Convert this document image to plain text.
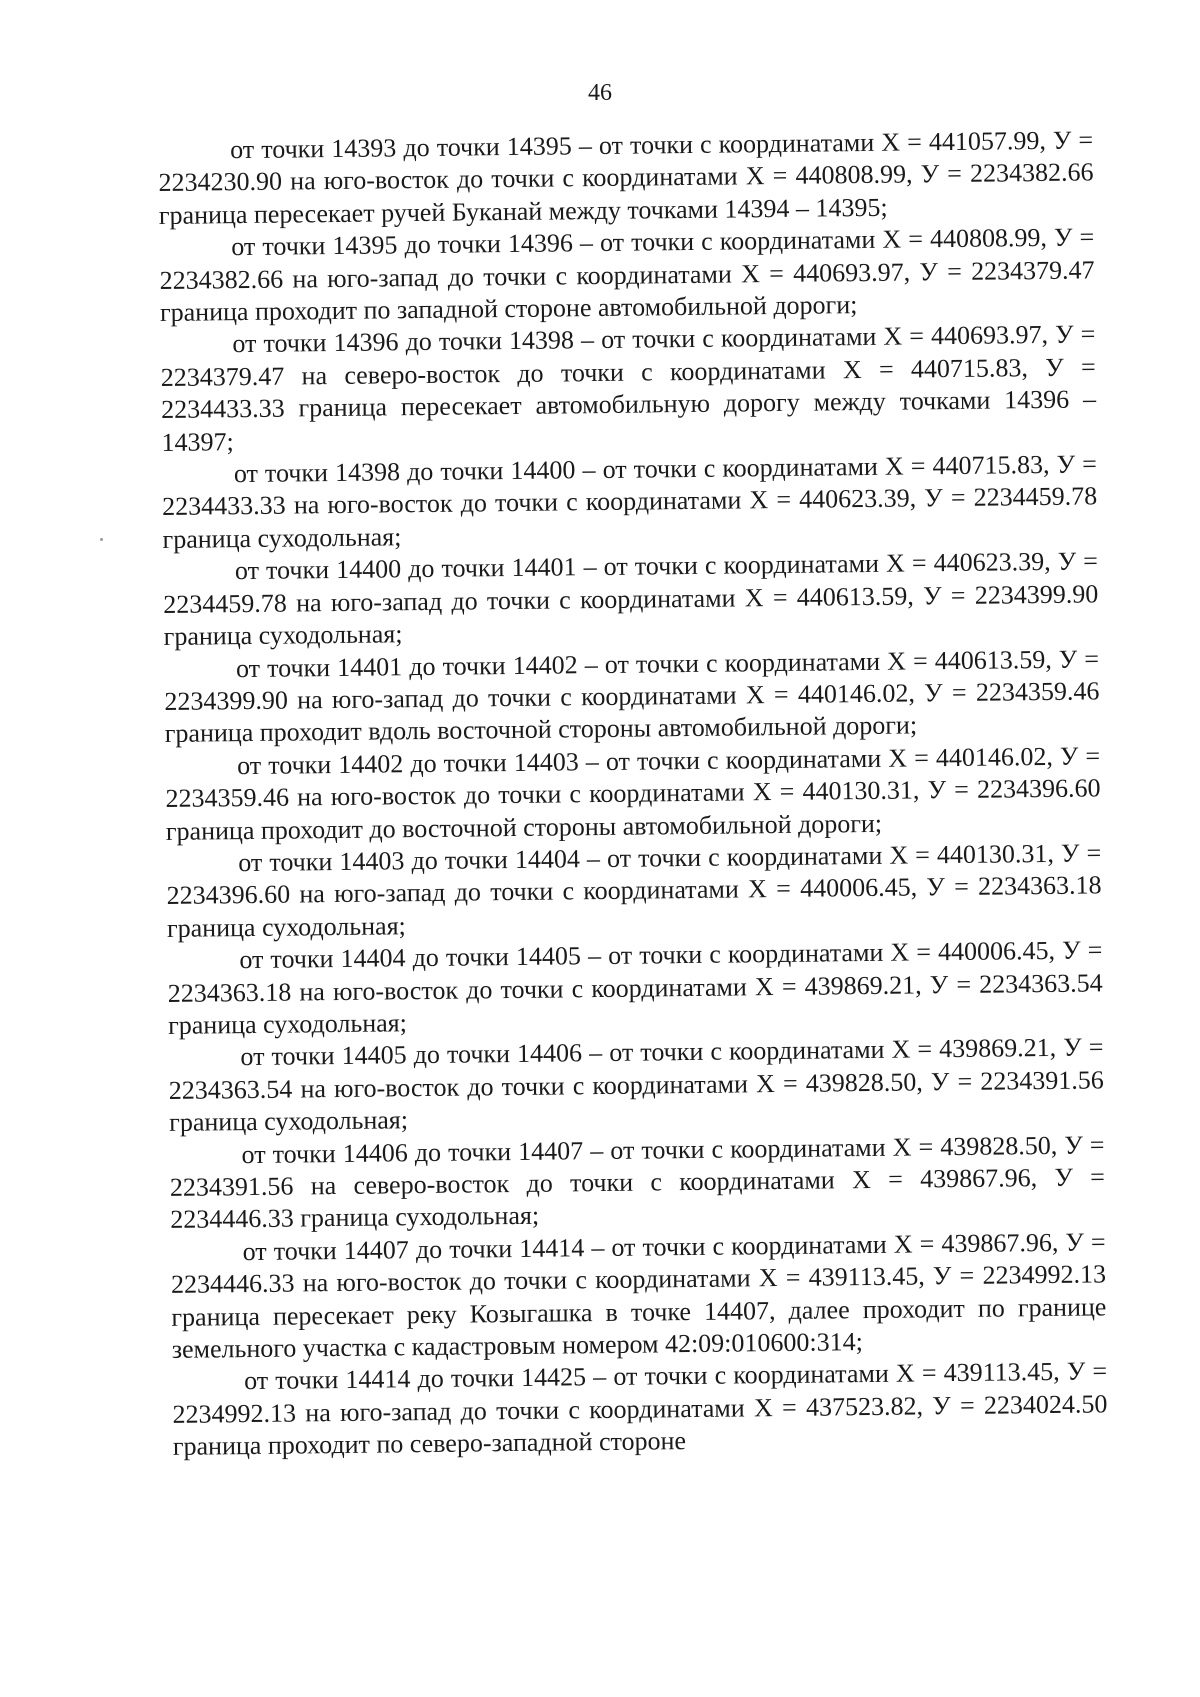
46

от точки 14393 до точки 14395 – от точки с координатами Х = 441057.99, У = 2234230.90 на юго-восток до точки с координатами Х = 440808.99, У = 2234382.66 граница пересекает ручей Буканай между точками 14394 – 14395;

от точки 14395 до точки 14396 – от точки с координатами Х = 440808.99, У = 2234382.66 на юго-запад до точки с координатами Х = 440693.97, У = 2234379.47 граница проходит по западной стороне автомобильной дороги;

от точки 14396 до точки 14398 – от точки с координатами Х = 440693.97, У = 2234379.47 на северо-восток до точки с координатами Х = 440715.83, У = 2234433.33 граница пересекает автомобильную дорогу между точками 14396 – 14397;

от точки 14398 до точки 14400 – от точки с координатами Х = 440715.83, У = 2234433.33 на юго-восток до точки с координатами Х = 440623.39, У = 2234459.78 граница суходольная;

от точки 14400 до точки 14401 – от точки с координатами Х = 440623.39, У = 2234459.78 на юго-запад до точки с координатами Х = 440613.59, У = 2234399.90 граница суходольная;

от точки 14401 до точки 14402 – от точки с координатами Х = 440613.59, У = 2234399.90 на юго-запад до точки с координатами Х = 440146.02, У = 2234359.46 граница проходит вдоль восточной стороны автомобильной дороги;

от точки 14402 до точки 14403 – от точки с координатами Х = 440146.02, У = 2234359.46 на юго-восток до точки с координатами Х = 440130.31, У = 2234396.60 граница проходит до восточной стороны автомобильной дороги;

от точки 14403 до точки 14404 – от точки с координатами Х = 440130.31, У = 2234396.60 на юго-запад до точки с координатами Х = 440006.45, У = 2234363.18 граница суходольная;

от точки 14404 до точки 14405 – от точки с координатами Х = 440006.45, У = 2234363.18 на юго-восток до точки с координатами Х = 439869.21, У = 2234363.54 граница суходольная;

от точки 14405 до точки 14406 – от точки с координатами Х = 439869.21, У = 2234363.54 на юго-восток до точки с координатами Х = 439828.50, У = 2234391.56 граница суходольная;

от точки 14406 до точки 14407 – от точки с координатами Х = 439828.50, У = 2234391.56 на северо-восток до точки с координатами Х = 439867.96, У = 2234446.33 граница суходольная;

от точки 14407 до точки 14414 – от точки с координатами Х = 439867.96, У = 2234446.33 на юго-восток до точки с координатами Х = 439113.45, У = 2234992.13 граница пересекает реку Козыгашка в точке 14407, далее проходит по границе земельного участка с кадастровым номером 42:09:010600:314;

от точки 14414 до точки 14425 – от точки с координатами Х = 439113.45, У = 2234992.13 на юго-запад до точки с координатами Х = 437523.82, У = 2234024.50 граница проходит по северо-западной стороне
